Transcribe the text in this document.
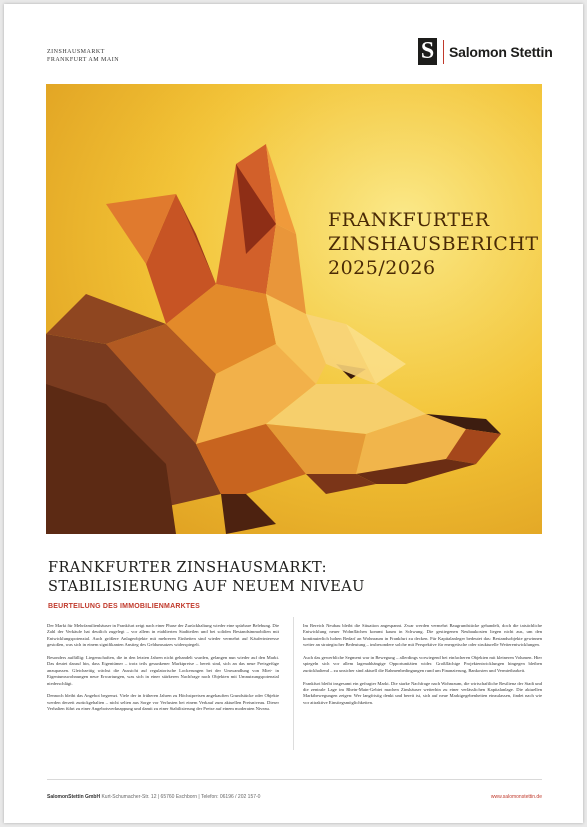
ZINSHAUSMARKT
FRANKFURT AM MAIN	S Salomon Stettin
FRANKFURTER
ZINSHAUSBERICHT
2025/2026
FRANKFURTER ZINSHAUSMARKT:
STABILISIERUNG AUF NEUEM NIVEAU
BEURTEILUNG DES IMMOBILIENMARKTES

Der Markt für Mehrfamilienhäuser in Frankfurt zeigt nach einer Phase der Zurückhaltung wieder eine spürbare Belebung. Die Zahl der Verkäufe hat deutlich zugelegt – vor allem in etablierten Stadtteilen und bei soliden Bestandsimmobilien mit Entwicklungspotenzial. Auch größere Anlageobjekte mit mehreren Einheiten sind wieder vermehrt auf Käuferinteresse gestoßen, was sich in einem signifikanten Anstieg des Geldumsatzes widerspiegelt.

Besonders auffällig: Liegenschaften, die in den letzten Jahren nicht gehandelt wurden, gelangen nun wieder auf den Markt. Das deutet darauf hin, dass Eigentümer – trotz teils gesunkener Marktpreise – bereit sind, sich an das neue Preisgefüge anzupassen. Gleichzeitig wächst die Aussicht auf regulatorische Lockerungen bei der Umwandlung von Miet- in Eigentumswohnungen neue Erwartungen, was sich in einer stärkeren Nachfrage nach Objekten mit Umnutzungspotenzial niederschlägt.

Dennoch bleibt das Angebot begrenzt. Viele der in früheren Jahren zu Höchstpreisen angekauften Grundstücke oder Objekte werden derzeit zurückgehalten – nicht selten aus Sorge vor Verlusten bei einem Verkauf zum aktuellen Preisniveau. Dieser Verhalten führt zu einer Angebotsverknappung und damit zu einer Stabilisierung der Preise auf einem moderaten Niveau.

Im Bereich Neubau bleibt die Situation angespannt. Zwar werden vermehrt Baugrundstücke gehandelt, doch die tatsächliche Entwicklung neuer Wohnflächen kommt kaum in Schwung. Die gestiegenen Neubaukosten liegen nicht aus, um den kontinuierlich hohen Bedarf an Wohnraum in Frankfurt zu decken. Für Kapitalanleger bedeutet das: Bestandsobjekte gewinnen weiter an strategischer Bedeutung – insbesondere solche mit Perspektive für energetische oder strukturelle Weiterentwicklungen.

Auch das gewerbliche Segment war in Bewegung – allerdings vorwiegend bei einfacheren Objekten mit kleineren Volumen. Hier spiegeln sich vor allem lagenabhängige Opportunitäten wider. Großflächige Projektentwicklungen hingegen bleiben zurückhaltend – zu unsicher sind aktuell die Rahmenbedingungen rund um Finanzierung, Bankosten und Vermietbarkeit.

Frankfurt bleibt insgesamt ein gefragter Markt. Die starke Nachfrage nach Wohnraum, die wirtschaftliche Resilienz der Stadt und die zentrale Lage im Rhein-Main-Gebiet machen Zinshäuser weiterhin zu einer verlässlichen Kapitalanlage. Die aktuellen Marktbewegungen zeigen: Wer langfristig denkt und bereit ist, sich auf neue Marktgegebenheiten einzulassen, findet nach wie vor attraktive Einstiegsmöglichkeiten.

SalomonStettin GmbH Kurt-Schumacher-Str. 12 | 65760 Eschborn | Telefon: 06196 / 202 157-0	www.salomonstettin.de
